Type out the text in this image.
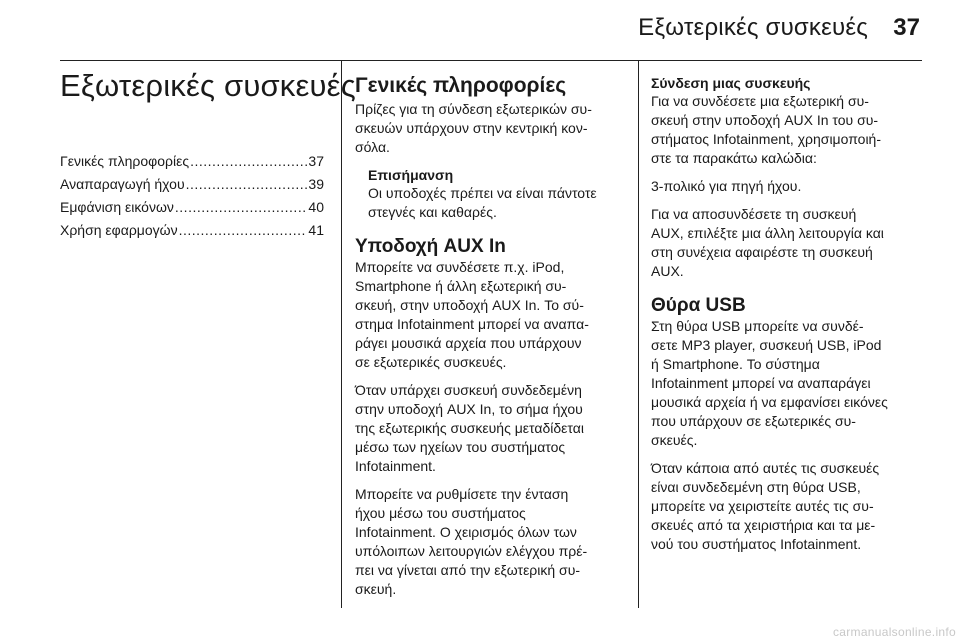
Εξωτερικές συσκευές 37
Εξωτερικές συσκευές
Γενικές πληροφορίες .....	37
Αναπαραγωγή ήχου .....	39
Εμφάνιση εικόνων .....	40
Χρήση εφαρμογών .....	41
Γενικές πληροφορίες
Πρίζες για τη σύνδεση εξωτερικών συ-
σκευών υπάρχουν στην κεντρική κον-
σόλα.
Επισήμανση
Οι υποδοχές πρέπει να είναι πάντοτε
στεγνές και καθαρές.
Υποδοχή AUX In
Μπορείτε να συνδέσετε π.χ. iPod,
Smartphone ή άλλη εξωτερική συ-
σκευή, στην υποδοχή AUX In. Το σύ-
στημα Infotainment μπορεί να αναπα-
ράγει μουσικά αρχεία που υπάρχουν
σε εξωτερικές συσκευές.
Όταν υπάρχει συσκευή συνδεδεμένη
στην υποδοχή AUX In, το σήμα ήχου
της εξωτερικής συσκευής μεταδίδεται
μέσω των ηχείων του συστήματος
Infotainment.
Μπορείτε να ρυθμίσετε την ένταση
ήχου μέσω του συστήματος
Infotainment. Ο χειρισμός όλων των
υπόλοιπων λειτουργιών ελέγχου πρέ-
πει να γίνεται από την εξωτερική συ-
σκευή.
Σύνδεση μιας συσκευής
Για να συνδέσετε μια εξωτερική συ-
σκευή στην υποδοχή AUX In του συ-
στήματος Infotainment, χρησιμοποιή-
στε τα παρακάτω καλώδια:
3-πολικό για πηγή ήχου.
Για να αποσυνδέσετε τη συσκευή
AUX, επιλέξτε μια άλλη λειτουργία και
στη συνέχεια αφαιρέστε τη συσκευή
AUX.
Θύρα USB
Στη θύρα USB μπορείτε να συνδέ-
σετε MP3 player, συσκευή USB, iPod
ή Smartphone. Το σύστημα
Infotainment μπορεί να αναπαράγει
μουσικά αρχεία ή να εμφανίσει εικόνες
που υπάρχουν σε εξωτερικές συ-
σκευές.
Όταν κάποια από αυτές τις συσκευές
είναι συνδεδεμένη στη θύρα USB,
μπορείτε να χειριστείτε αυτές τις συ-
σκευές από τα χειριστήρια και τα με-
νού του συστήματος Infotainment.
carmanualsonline.info
